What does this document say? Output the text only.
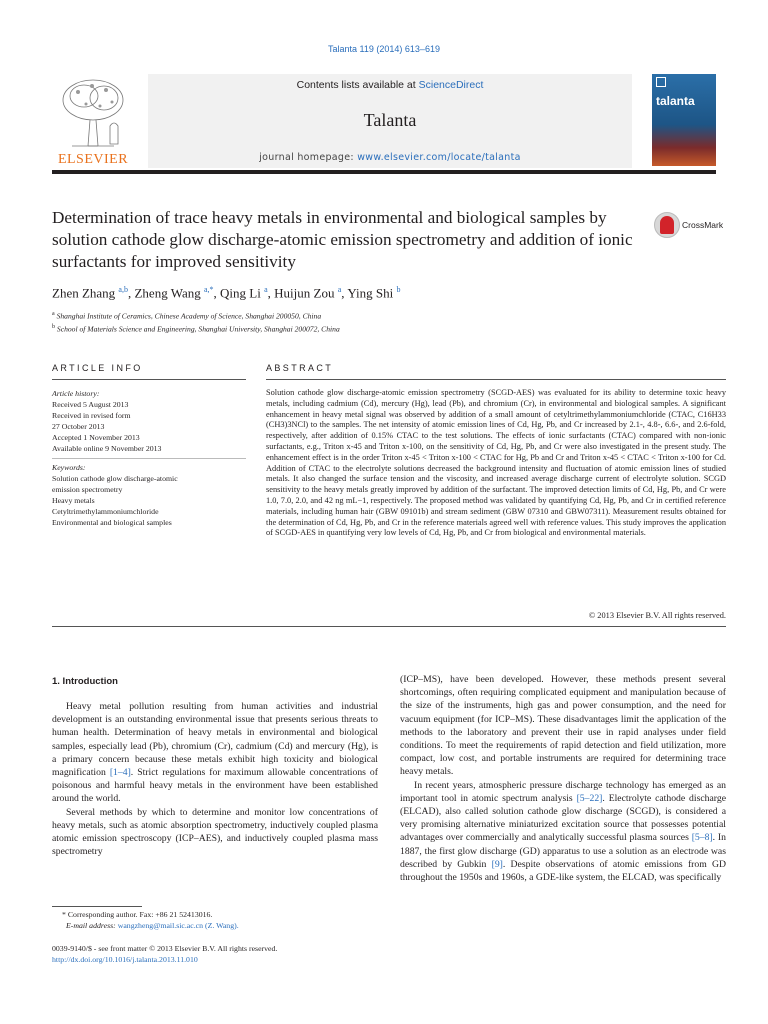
Talanta 119 (2014) 613–619
ELSEVIER
Contents lists available at ScienceDirect
Talanta
journal homepage: www.elsevier.com/locate/talanta
talanta
Determination of trace heavy metals in environmental and biological samples by solution cathode glow discharge-atomic emission spectrometry and addition of ionic surfactants for improved sensitivity
CrossMark
Zhen Zhang $^{a,b}$, Zheng Wang $^{a,*}$, Qing Li $^a$, Huijun Zou $^a$, Ying Shi $^b$
$^a$ Shanghai Institute of Ceramics, Chinese Academy of Science, Shanghai 200050, China
$^b$ School of Materials Science and Engineering, Shanghai University, Shanghai 200072, China
ARTICLE INFO
Article history:
Received 5 August 2013
Received in revised form
27 October 2013
Accepted 1 November 2013
Available online 9 November 2013
Keywords:
Solution cathode glow discharge-atomic
emission spectrometry
Heavy metals
Cetyltrimethylammoniumchloride
Environmental and biological samples
ABSTRACT
Solution cathode glow discharge-atomic emission spectrometry (SCGD-AES) was evaluated for its ability to determine toxic heavy metals, including cadmium (Cd), mercury (Hg), lead (Pb), and chromium (Cr), in environmental and biological samples. A significant enhancement in heavy metal signal was observed by addition of a small amount of cetyltrimethylammoniumchloride (CTAC, C16H33 (CH3)3NCl) to the samples. The net intensity of atomic emission lines of Cd, Hg, Pb, and Cr increased by 2.1-, 4.8-, 6.6-, and 2.6-fold, respectively, after addition of 0.15% CTAC to the test solutions. The effects of ionic surfactants (CTAC) compared with non-ionic surfactants, e.g., Triton x-45 and Triton x-100, on the sensitivity of Cd, Hg, Pb, and Cr were also investigated in the present study. The enhancement effect is in the order Triton x-45 < Triton x-100 < CTAC for Hg, Pb and Cr and Triton x-45 < CTAC < Triton x-100 for Cd. Addition of CTAC to the electrolyte solutions decreased the background intensity and fluctuation of atomic emission lines of studied metals. It also changed the surface tension and the viscosity, and increased average discharge current of electrolyte solution. SCGD sensitivity to the heavy metals greatly improved by addition of the surfactant. The improved detection limits of Cd, Hg, Pb, and Cr were 1.0, 7.0, 2.0, and 42 ng mL−1, respectively. The proposed method was validated by quantifying Cd, Hg, Pb, and Cr in certified reference materials, including human hair (GBW 09101b) and stream sediment (GBW 07310 and GBW07311). Measurement results obtained for the determination of Cd, Hg, Pb, and Cr in the reference materials agreed well with reference values. This study improves the application of SCGD-AES in quantifying very low levels of Cd, Hg, Pb, and Cr from biological and environmental materials.
© 2013 Elsevier B.V. All rights reserved.
1. Introduction

Heavy metal pollution resulting from human activities and industrial development is an outstanding environmental issue that presents serious threats to human health. Determination of heavy metals in environmental and biological samples, especially lead (Pb), chromium (Cr), cadmium (Cd) and mercury (Hg), is a primary concern because these metals exhibit high toxicity and biological magnification [1–4]. Strict regulations for maximum allowable concentrations of poisonous and harmful heavy metals in the environment have been established around the world.

Several methods by which to determine and monitor low concentrations of heavy metals, such as atomic absorption spectrometry, inductively coupled plasma atomic emission spectroscopy (ICP–AES), and inductively coupled plasma mass spectrometry

(ICP–MS), have been developed. However, these methods present several shortcomings, often requiring complicated equipment and manipulation because of the size of the instruments, high gas and power consumption, and the need for vacuum equipment (for ICP–MS). These disadvantages limit the application of the methods to the laboratory and prevent their use in rapid analyses under field conditions. To meet the requirements of rapid detection and field utilization, more compact, low cost, and portable instruments are required for determining trace heavy metals.

In recent years, atmospheric pressure discharge technology has emerged as an important tool in atomic spectrum analysis [5–22]. Electrolyte cathode discharge (ELCAD), also called solution cathode glow discharge (SCGD), is considered a very promising alternative miniaturized excitation source that possesses potential advantages over commercially and analytically successful plasma sources [5–8]. In 1887, the first glow discharge (GD) apparatus to use a solution as an electrode was described by Gubkin [9]. Despite observations of atomic emissions from GD throughout the 1950s and 1960s, a GDE-like system, the ELCAD, was specifically

* Corresponding author. Fax: +86 21 52413016.
E-mail address: wangzheng@mail.sic.ac.cn (Z. Wang).
0039-9140/$ - see front matter © 2013 Elsevier B.V. All rights reserved.
http://dx.doi.org/10.1016/j.talanta.2013.11.010
